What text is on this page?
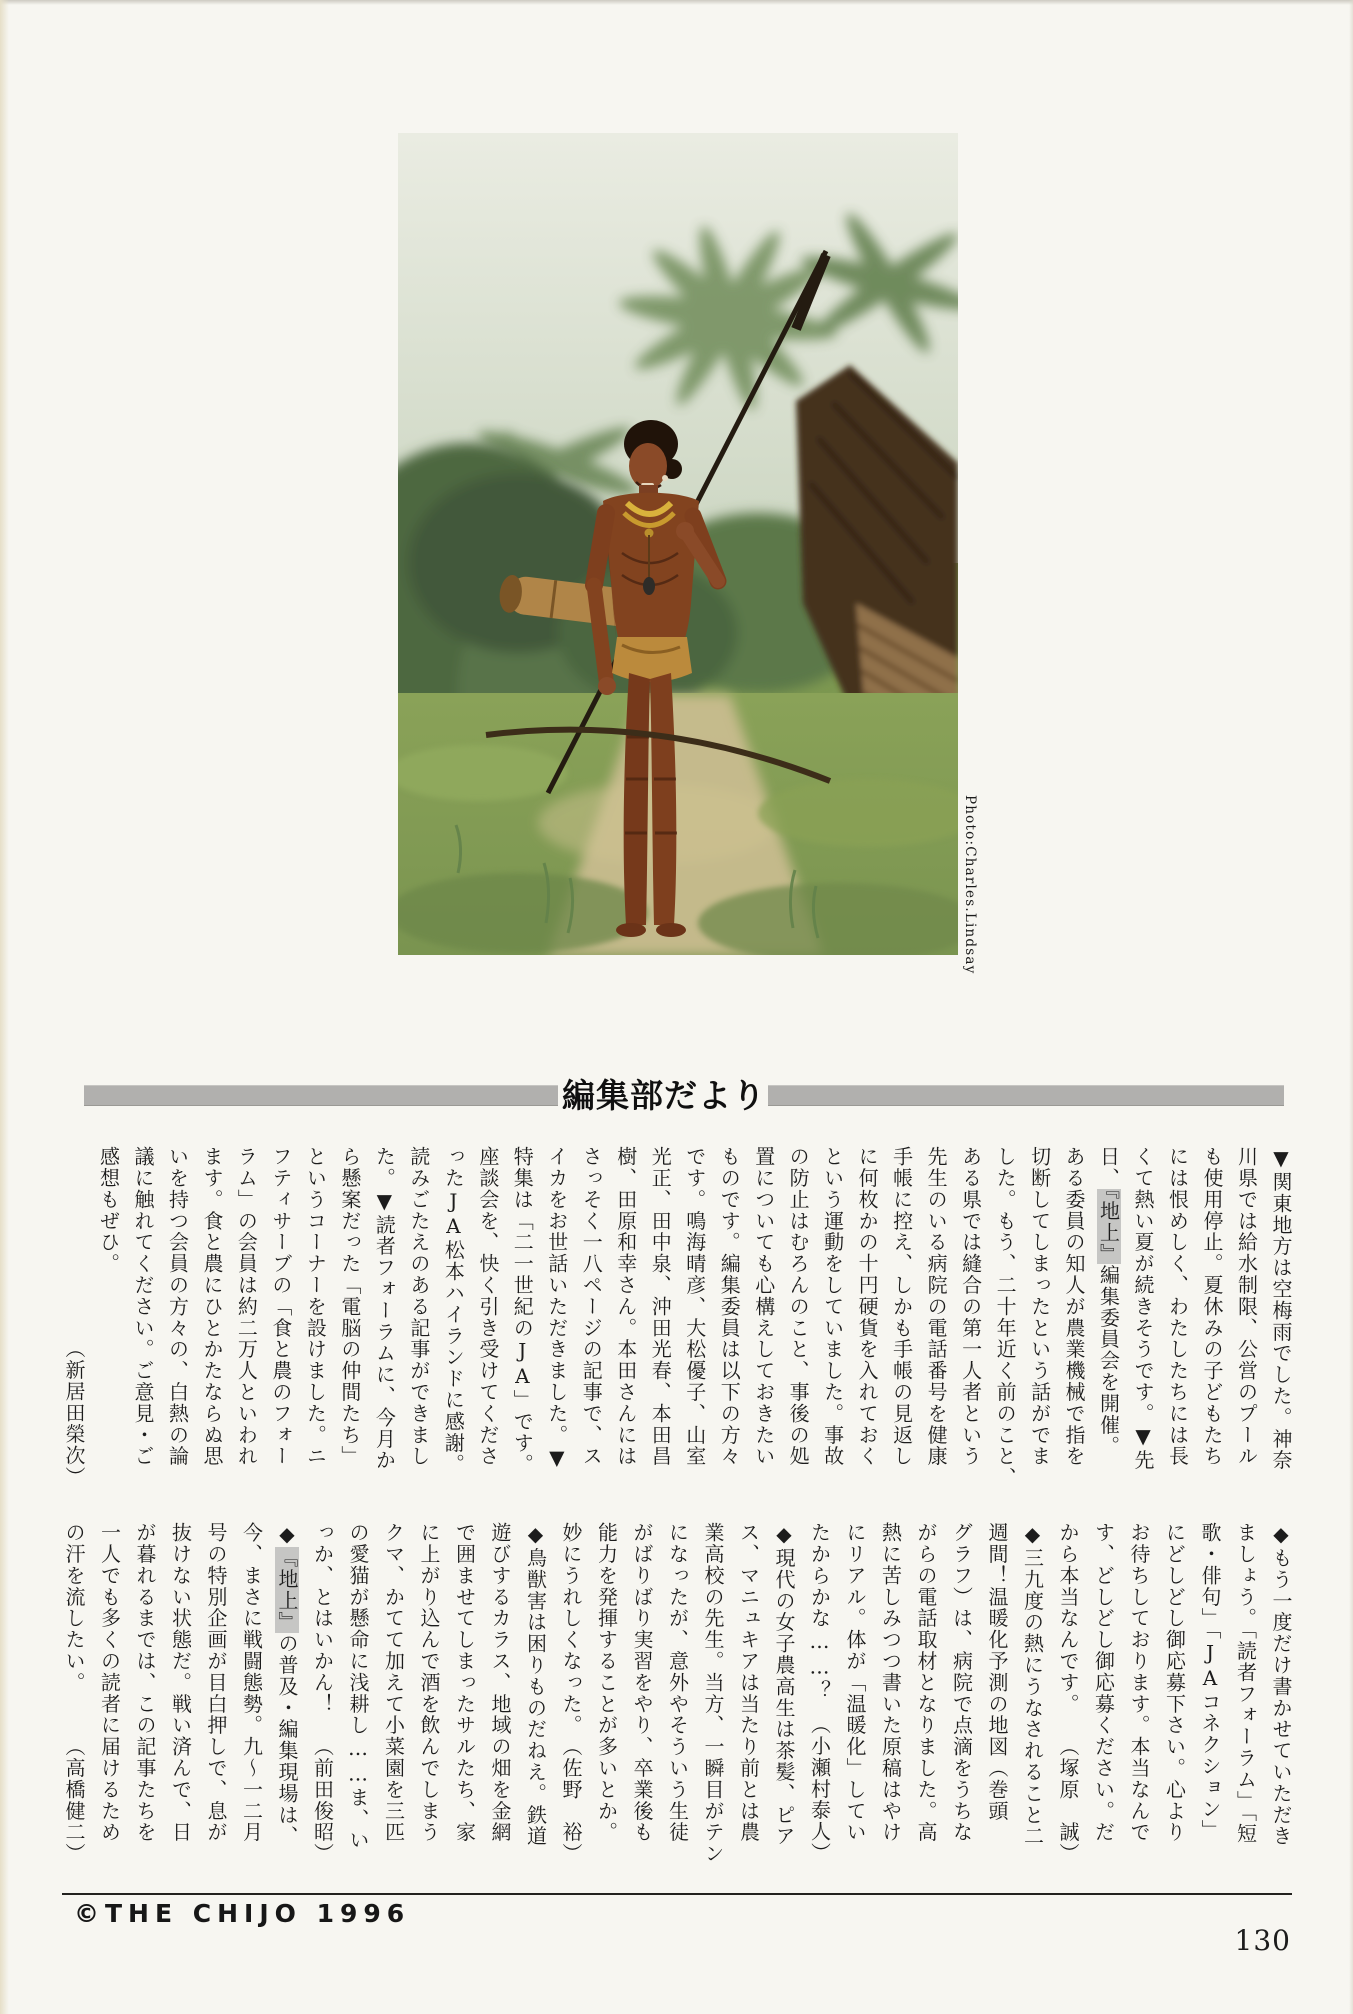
Photo:Charles.Lindsay
編集部だより
▼関東地方は空梅雨でした。神奈
川県では給水制限、公営のプール
も使用停止。夏休みの子どもたち
には恨めしく、わたしたちには長
くて熱い夏が続きそうです。▼先
日、『地上』編集委員会を開催。
ある委員の知人が農業機械で指を
切断してしまったという話がでま
した。もう、二十年近く前のこと、
ある県では縫合の第一人者という
先生のいる病院の電話番号を健康
手帳に控え、しかも手帳の見返し
に何枚かの十円硬貨を入れておく
という運動をしていました。事故
の防止はむろんのこと、事後の処
置についても心構えしておきたい
ものです。編集委員は以下の方々
です。鳴海晴彦、大松優子、山室
光正、田中泉、沖田光春、本田昌
樹、田原和幸さん。本田さんには
さっそく一八ページの記事で、ス
イカをお世話いただきました。▼
特集は「二一世紀のJA」です。
座談会を、快く引き受けてくださ
ったJA松本ハイランドに感謝。
読みごたえのある記事ができまし
た。▼読者フォーラムに、今月か
ら懸案だった「電脳の仲間たち」
というコーナーを設けました。ニ
フティサーブの「食と農のフォー
ラム」の会員は約二万人といわれ
ます。食と農にひとかたならぬ思
いを持つ会員の方々の、白熱の論
議に触れてください。ご意見・ご
感想もぜひ。
（新居田榮次）
◆もう一度だけ書かせていただき
ましょう。「読者フォーラム」「短
歌・俳句」「JAコネクション」
にどしどし御応募下さい。心より
お待ちしております。本当なんで
す、どしどし御応募ください。だ
から本当なんです。
（塚原　誠）
◆三九度の熱にうなされること二
週間！温暖化予測の地図（巻頭
グラフ）は、病院で点滴をうちな
がらの電話取材となりました。高
熱に苦しみつつ書いた原稿はやけ
にリアル。体が「温暖化」してい
たからかな……？
（小瀬村泰人）
◆現代の女子農高生は茶髪、ピア
ス、マニュキアは当たり前とは農
業高校の先生。当方、一瞬目がテン
になったが、意外やそういう生徒
がばりばり実習をやり、卒業後も
能力を発揮することが多いとか。
妙にうれしくなった。
（佐野　裕）
◆鳥獣害は困りものだねえ。鉄道
遊びするカラス、地域の畑を金網
で囲ませてしまったサルたち、家
に上がり込んで酒を飲んでしまう
クマ、かてて加えて小菜園を三匹
の愛猫が懸命に浅耕し……ま、い
っか、とはいかん！
（前田俊昭）
◆『地上』の普及・編集現場は、
今、まさに戦闘態勢。九〜一二月
号の特別企画が目白押しで、息が
抜けない状態だ。戦い済んで、日
が暮れるまでは、この記事たちを
一人でも多くの読者に届けるため
の汗を流したい。
（高橋健二）
©THE CHIJO 1996
130
